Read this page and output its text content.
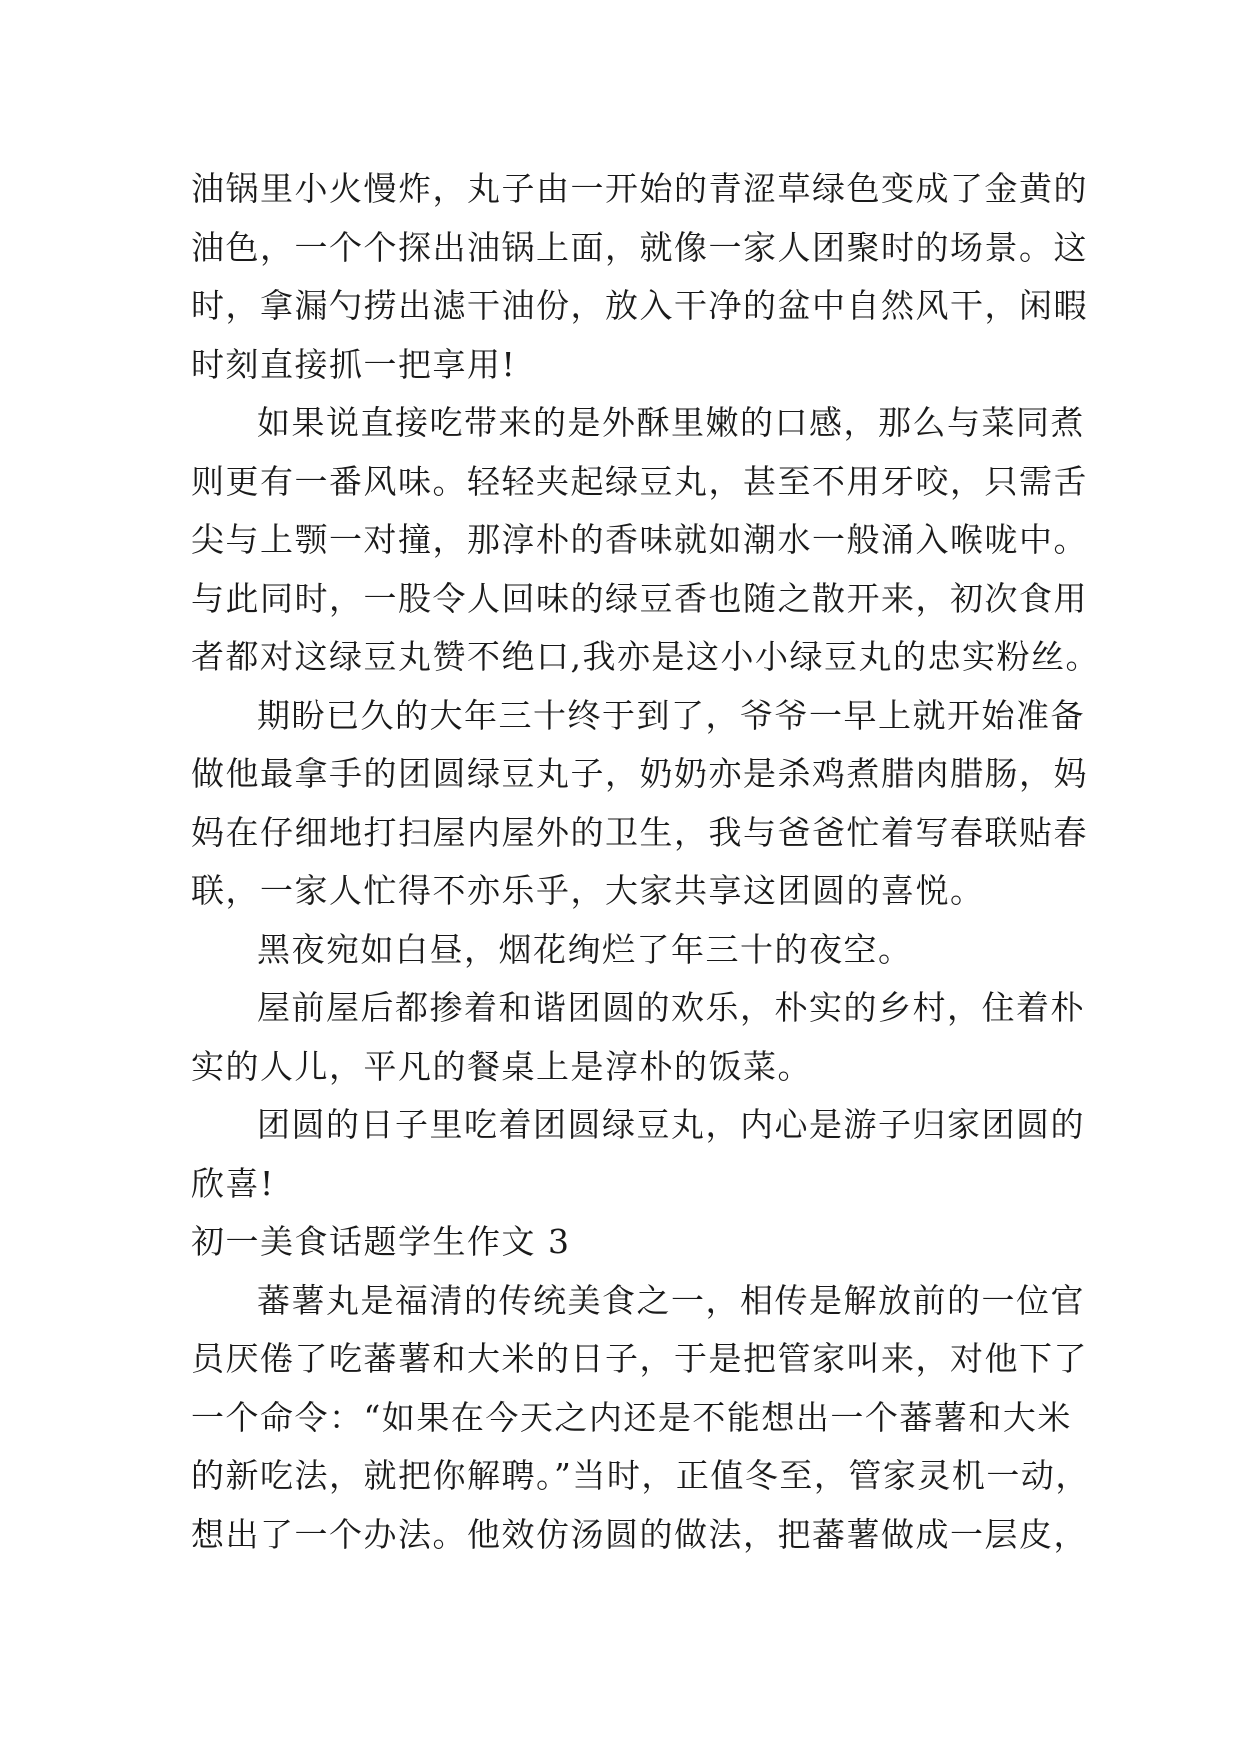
油锅里小火慢炸，丸子由一开始的青涩草绿色变成了金黄的
油色，一个个探出油锅上面，就像一家人团聚时的场景。这
时，拿漏勺捞出滤干油份，放入干净的盆中自然风干，闲暇
时刻直接抓一把享用!
如果说直接吃带来的是外酥里嫩的口感，那么与菜同煮
则更有一番风味。轻轻夹起绿豆丸，甚至不用牙咬，只需舌
尖与上颚一对撞，那淳朴的香味就如潮水一般涌入喉咙中。
与此同时，一股令人回味的绿豆香也随之散开来，初次食用
者都对这绿豆丸赞不绝口,我亦是这小小绿豆丸的忠实粉丝。
期盼已久的大年三十终于到了，爷爷一早上就开始准备
做他最拿手的团圆绿豆丸子，奶奶亦是杀鸡煮腊肉腊肠，妈
妈在仔细地打扫屋内屋外的卫生，我与爸爸忙着写春联贴春
联，一家人忙得不亦乐乎，大家共享这团圆的喜悦。
黑夜宛如白昼，烟花绚烂了年三十的夜空。
屋前屋后都掺着和谐团圆的欢乐，朴实的乡村，住着朴
实的人儿，平凡的餐桌上是淳朴的饭菜。
团圆的日子里吃着团圆绿豆丸，内心是游子归家团圆的
欣喜!
初一美食话题学生作文 3
蕃薯丸是福清的传统美食之一，相传是解放前的一位官
员厌倦了吃蕃薯和大米的日子，于是把管家叫来，对他下了
一个命令：“如果在今天之内还是不能想出一个蕃薯和大米
的新吃法，就把你解聘。”当时，正值冬至，管家灵机一动，
想出了一个办法。他效仿汤圆的做法，把蕃薯做成一层皮，
